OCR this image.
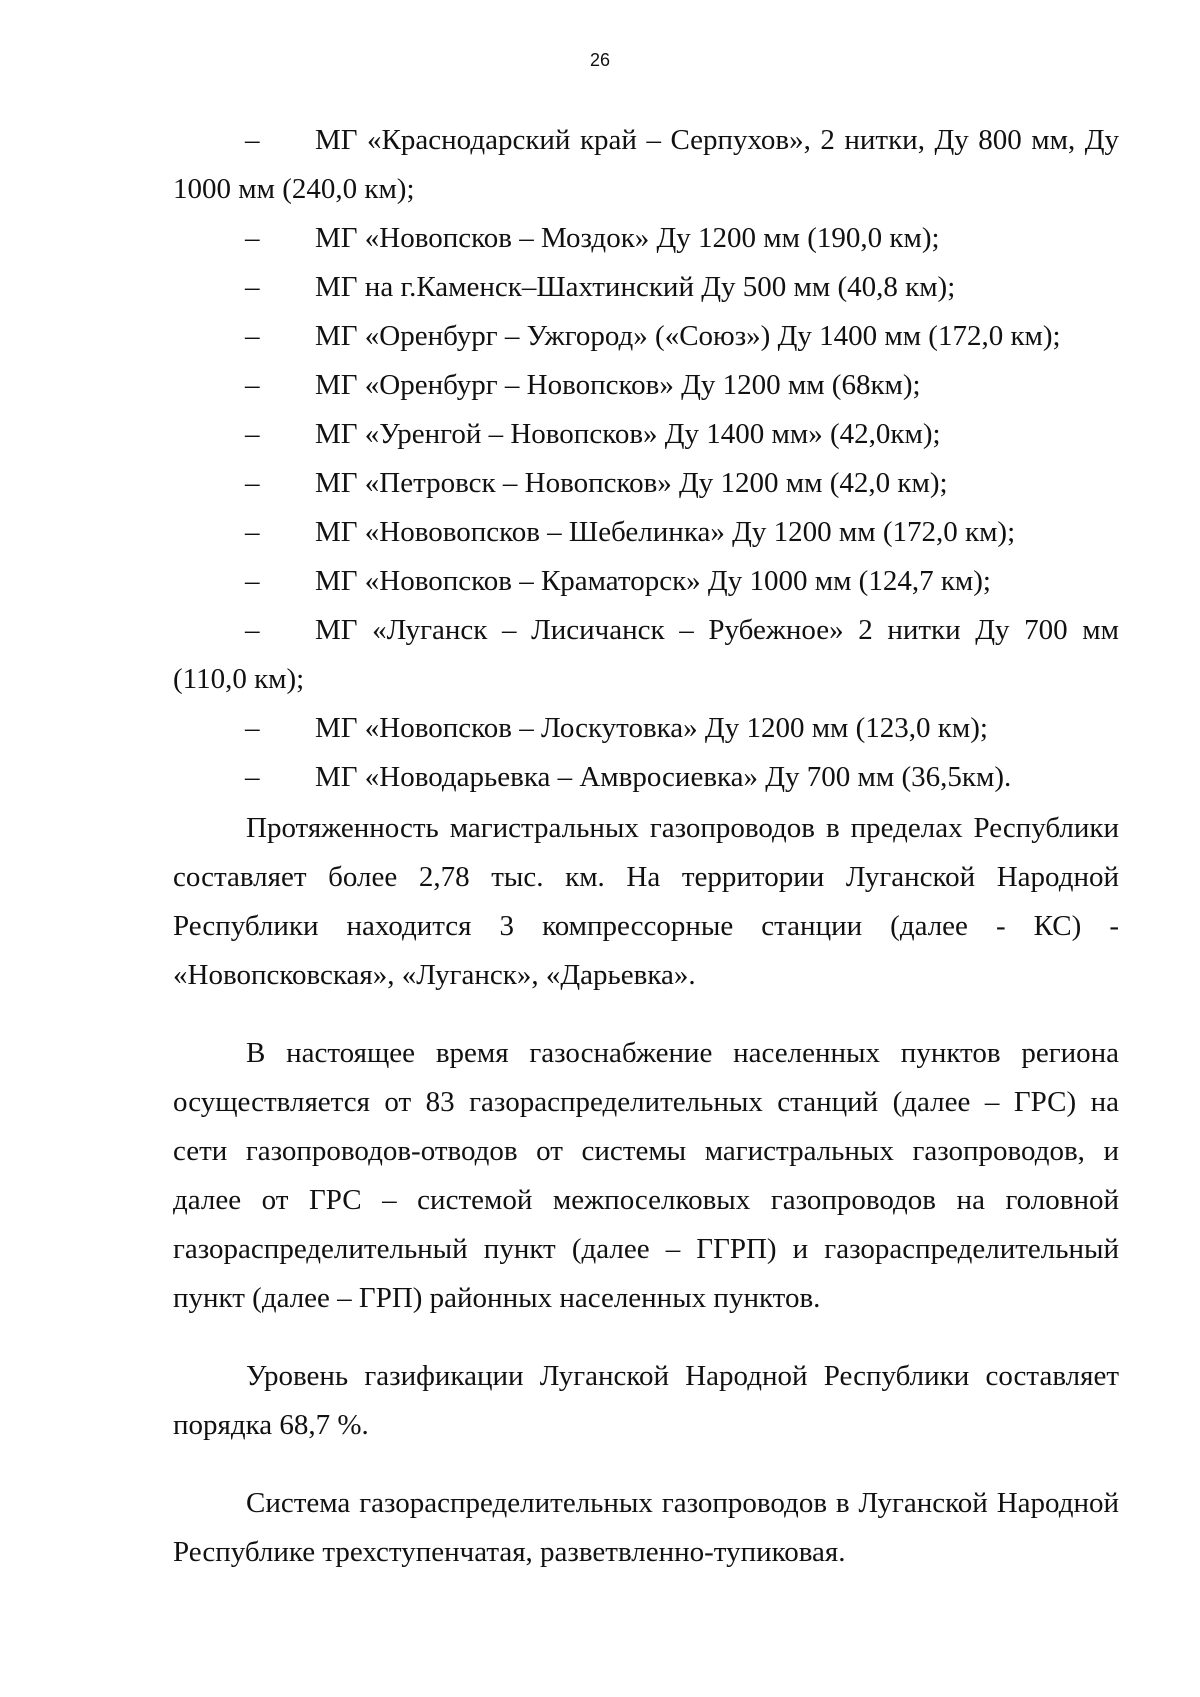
26
– МГ «Краснодарский край – Серпухов», 2 нитки, Ду 800 мм, Ду 1000 мм (240,0 км);
– МГ «Новопсков – Моздок» Ду 1200 мм (190,0 км);
– МГ на г.Каменск–Шахтинский Ду 500 мм (40,8 км);
– МГ «Оренбург – Ужгород» («Союз») Ду 1400 мм (172,0 км);
– МГ «Оренбург – Новопсков» Ду 1200 мм (68км);
– МГ «Уренгой – Новопсков» Ду 1400 мм» (42,0км);
– МГ «Петровск – Новопсков» Ду 1200 мм (42,0 км);
– МГ «Нововопсков – Шебелинка» Ду 1200 мм (172,0 км);
– МГ «Новопсков – Краматорск» Ду 1000 мм (124,7 км);
– МГ «Луганск – Лисичанск – Рубежное» 2 нитки Ду 700 мм (110,0 км);
– МГ «Новопсков – Лоскутовка» Ду 1200 мм (123,0 км);
– МГ «Новодарьевка – Амвросиевка» Ду 700 мм (36,5км).

Протяженность магистральных газопроводов в пределах Республики составляет более 2,78 тыс. км. На территории Луганской Народной Республики находится 3 компрессорные станции (далее - КС) - «Новопсковская», «Луганск», «Дарьевка».

В настоящее время газоснабжение населенных пунктов региона осуществляется от 83 газораспределительных станций (далее – ГРС) на сети газопроводов-отводов от системы магистральных газопроводов, и далее от ГРС – системой межпоселковых газопроводов на головной газораспределительный пункт (далее – ГГРП) и газораспределительный пункт (далее – ГРП) районных населенных пунктов.

Уровень газификации Луганской Народной Республики составляет порядка 68,7 %.

Система газораспределительных газопроводов в Луганской Народной Республике трехступенчатая, разветвленно-тупиковая.
